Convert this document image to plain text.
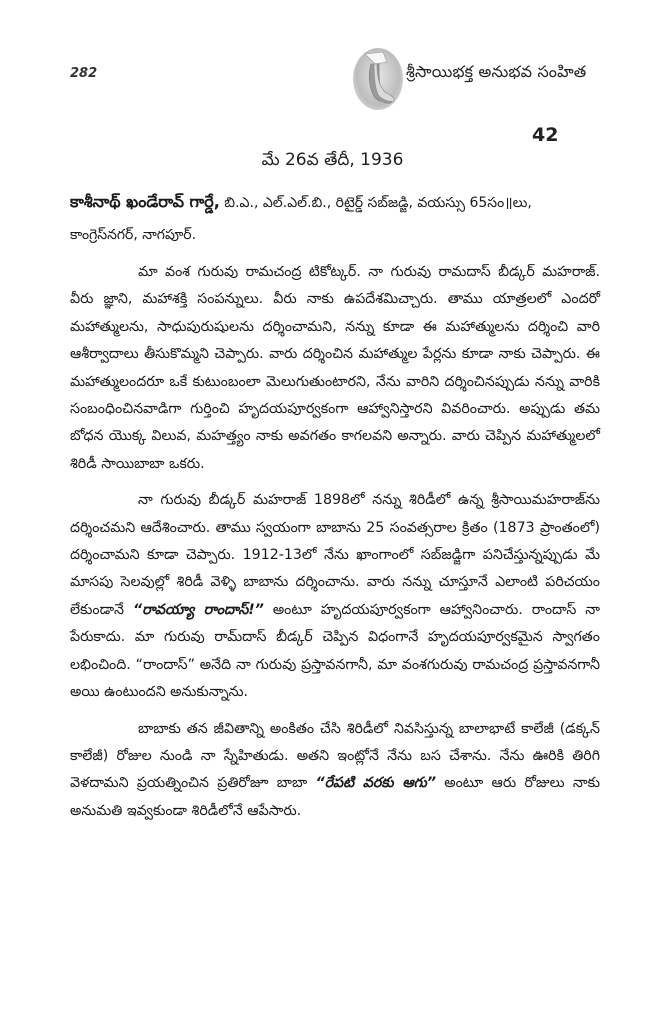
282	శ్రీసాయిభక్త అనుభవ సంహిత
42
మే 26వ తేదీ, 1936
కాశీనాథ్ ఖండేరావ్ గార్డే, బి.ఎ., ఎల్.ఎల్.బి., రిటైర్డ్ సబ్‌జడ్జి, వయస్సు 65సం॥లు, కాంగ్రెస్‌నగర్, నాగపూర్.

మా వంశ గురువు రామచంద్ర టికోట్కర్. నా గురువు రామదాస్ బీడ్కర్ మహరాజ్. వీరు జ్ఞాని, మహాశక్తి సంపన్నులు. వీరు నాకు ఉపదేశమిచ్చారు. తాము యాత్రలలో ఎందరో మహాత్ములను, సాధుపురుషులను దర్శించామని, నన్ను కూడా ఈ మహాత్ములను దర్శించి వారి ఆశీర్వాదాలు తీసుకొమ్మని చెప్పారు. వారు దర్శించిన మహాత్ముల పేర్లను కూడా నాకు చెప్పారు. ఈ మహాత్ములందరూ ఒకే కుటుంబంలా మెలుగుతుంటారని, నేను వారిని దర్శించినప్పుడు నన్ను వారికి సంబంధించినవాడిగా గుర్తించి హృదయపూర్వకంగా ఆహ్వానిస్తారని వివరించారు. అప్పుడు తమ బోధన యొక్క విలువ, మహత్త్యం నాకు అవగతం కాగలవని అన్నారు. వారు చెప్పిన మహాత్ములలో శిరిడీ సాయిబాబా ఒకరు.

నా గురువు బీడ్కర్ మహరాజ్ 1898లో నన్ను శిరిడీలో ఉన్న శ్రీసాయిమహరాజ్‌ను దర్శించమని ఆదేశించారు. తాము స్వయంగా బాబాను 25 సంవత్సరాల క్రితం (1873 ప్రాంతంలో) దర్శించామని కూడా చెప్పారు. 1912-13లో నేను ఖాంగాంలో సబ్‌జడ్జిగా పనిచేస్తున్నప్పుడు మే మాసపు సెలవుల్లో శిరిడీ వెళ్ళి బాబాను దర్శించాను. వారు నన్ను చూస్తూనే ఎలాంటి పరిచయం లేకుండానే “రావయ్యా రాందాస్!” అంటూ హృదయపూర్వకంగా ఆహ్వానించారు. రాందాస్ నా పేరుకాదు. మా గురువు రామ్‌దాస్ బీడ్కర్ చెప్పిన విధంగానే హృదయపూర్వకమైన స్వాగతం లభించింది. “రాందాస్” అనేది నా గురువు ప్రస్తావనగానీ, మా వంశగురువు రామచంద్ర ప్రస్తావనగానీ అయి ఉంటుందని అనుకున్నాను.

బాబాకు తన జీవితాన్ని అంకితం చేసి శిరిడీలో నివసిస్తున్న బాలాభాటే కాలేజీ (డక్కన్ కాలేజీ) రోజుల నుండి నా స్నేహితుడు. అతని ఇంట్లోనే నేను బస చేశాను. నేను ఊరికి తిరిగి వెళదామని ప్రయత్నించిన ప్రతిరోజూ బాబా “రేపటి వరకు ఆగు” అంటూ ఆరు రోజులు నాకు అనుమతి ఇవ్వకుండా శిరిడీలోనే ఆపేసారు.
